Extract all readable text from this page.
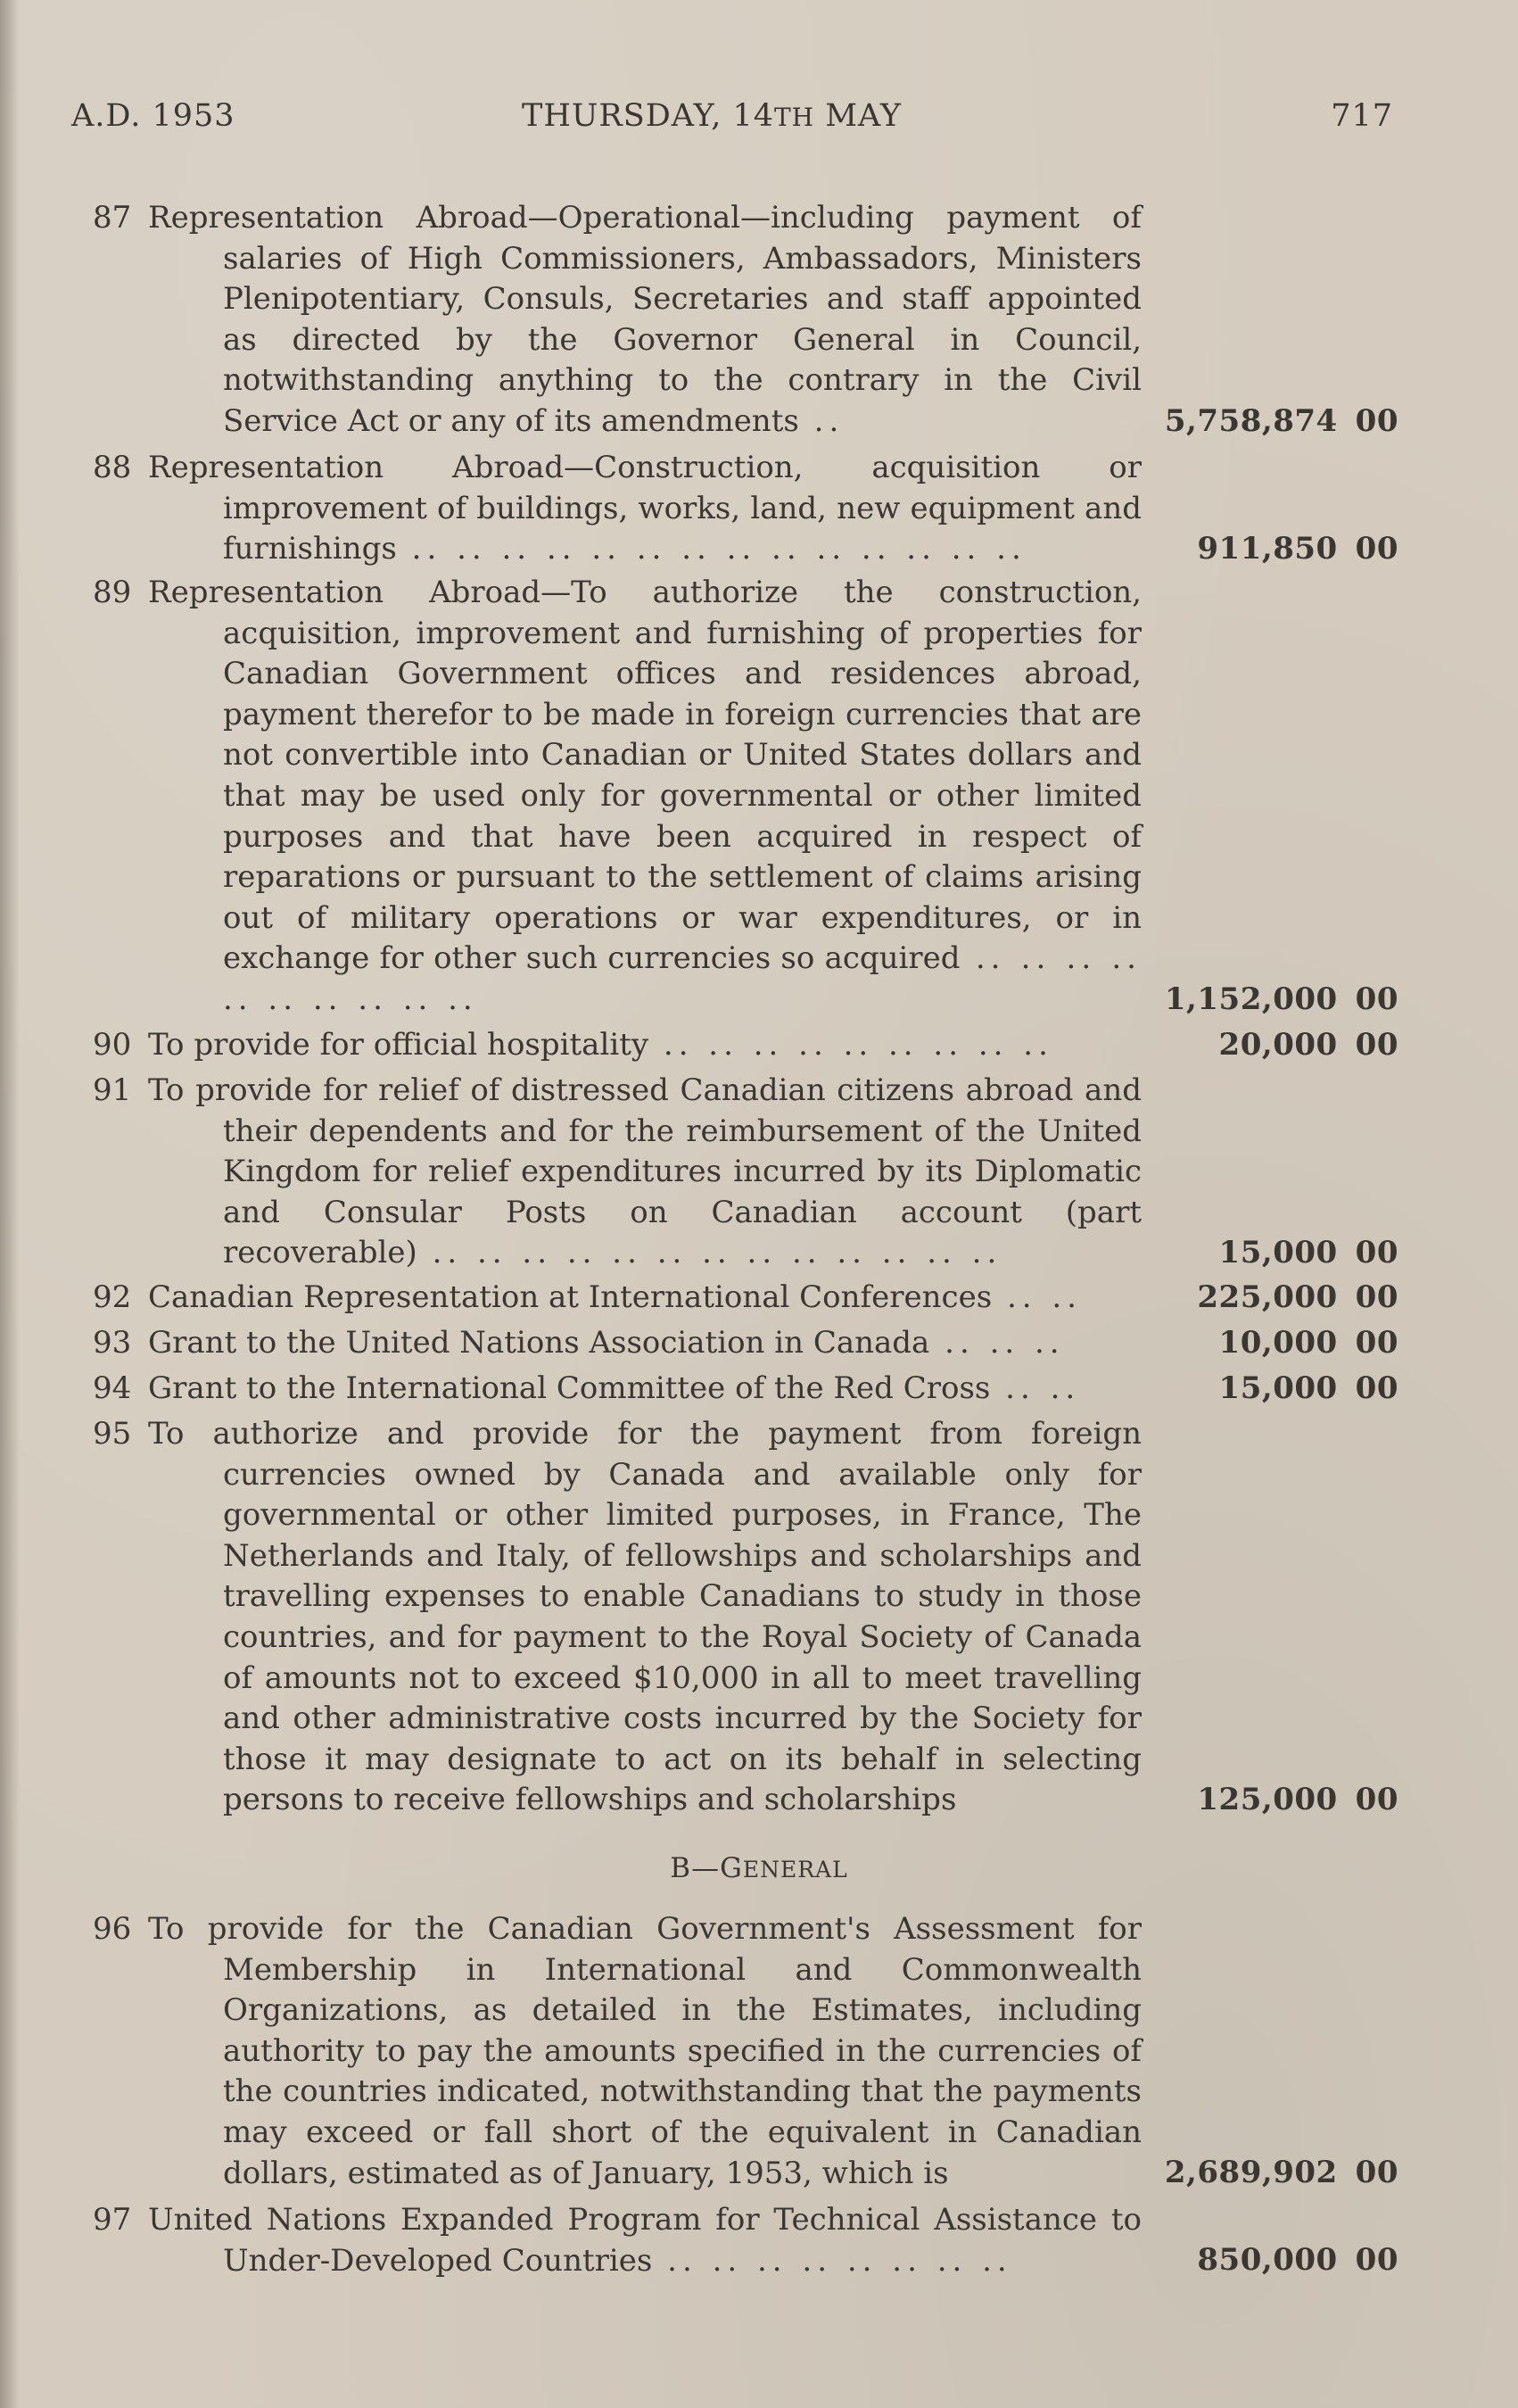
A.D. 1953	THURSDAY, 14TH MAY	717
87 Representation Abroad—Operational—including payment of salaries of High Commissioners, Ambassadors, Ministers Plenipotentiary, Consuls, Secretaries and staff appointed as directed by the Governor General in Council, notwithstanding anything to the contrary in the Civil Service Act or any of its amendments ..	5,758,874 00
88 Representation Abroad—Construction, acquisition or improvement of buildings, works, land, new equipment and furnishings .. .. .. .. .. .. .. .. .. .. .. .. .. ..	911,850 00
89 Representation Abroad—To authorize the construction, acquisition, improvement and furnishing of properties for Canadian Government offices and residences abroad, payment therefor to be made in foreign currencies that are not convertible into Canadian or United States dollars and that may be used only for governmental or other limited purposes and that have been acquired in respect of reparations or pursuant to the settlement of claims arising out of military operations or war expenditures, or in exchange for other such currencies so acquired .. .. .. .. .. .. .. .. .. ..	1,152,000 00
90 To provide for official hospitality .. .. .. .. .. .. .. .. ..	20,000 00
91 To provide for relief of distressed Canadian citizens abroad and their dependents and for the reimbursement of the United Kingdom for relief expenditures incurred by its Diplomatic and Consular Posts on Canadian account (part recoverable) .. .. .. .. .. .. .. .. .. .. .. .. ..	15,000 00
92 Canadian Representation at International Conferences .. ..	225,000 00
93 Grant to the United Nations Association in Canada .. .. ..	10,000 00
94 Grant to the International Committee of the Red Cross .. ..	15,000 00
95 To authorize and provide for the payment from foreign currencies owned by Canada and available only for governmental or other limited purposes, in France, The Netherlands and Italy, of fellowships and scholarships and travelling expenses to enable Canadians to study in those countries, and for payment to the Royal Society of Canada of amounts not to exceed $10,000 in all to meet travelling and other administrative costs incurred by the Society for those it may designate to act on its behalf in selecting persons to receive fellowships and scholarships	125,000 00
B—GENERAL
96 To provide for the Canadian Government's Assessment for Membership in International and Commonwealth Organizations, as detailed in the Estimates, including authority to pay the amounts specified in the currencies of the countries indicated, notwithstanding that the payments may exceed or fall short of the equivalent in Canadian dollars, estimated as of January, 1953, which is	2,689,902 00
97 United Nations Expanded Program for Technical Assistance to Under-Developed Countries .. .. .. .. .. .. .. ..	850,000 00
